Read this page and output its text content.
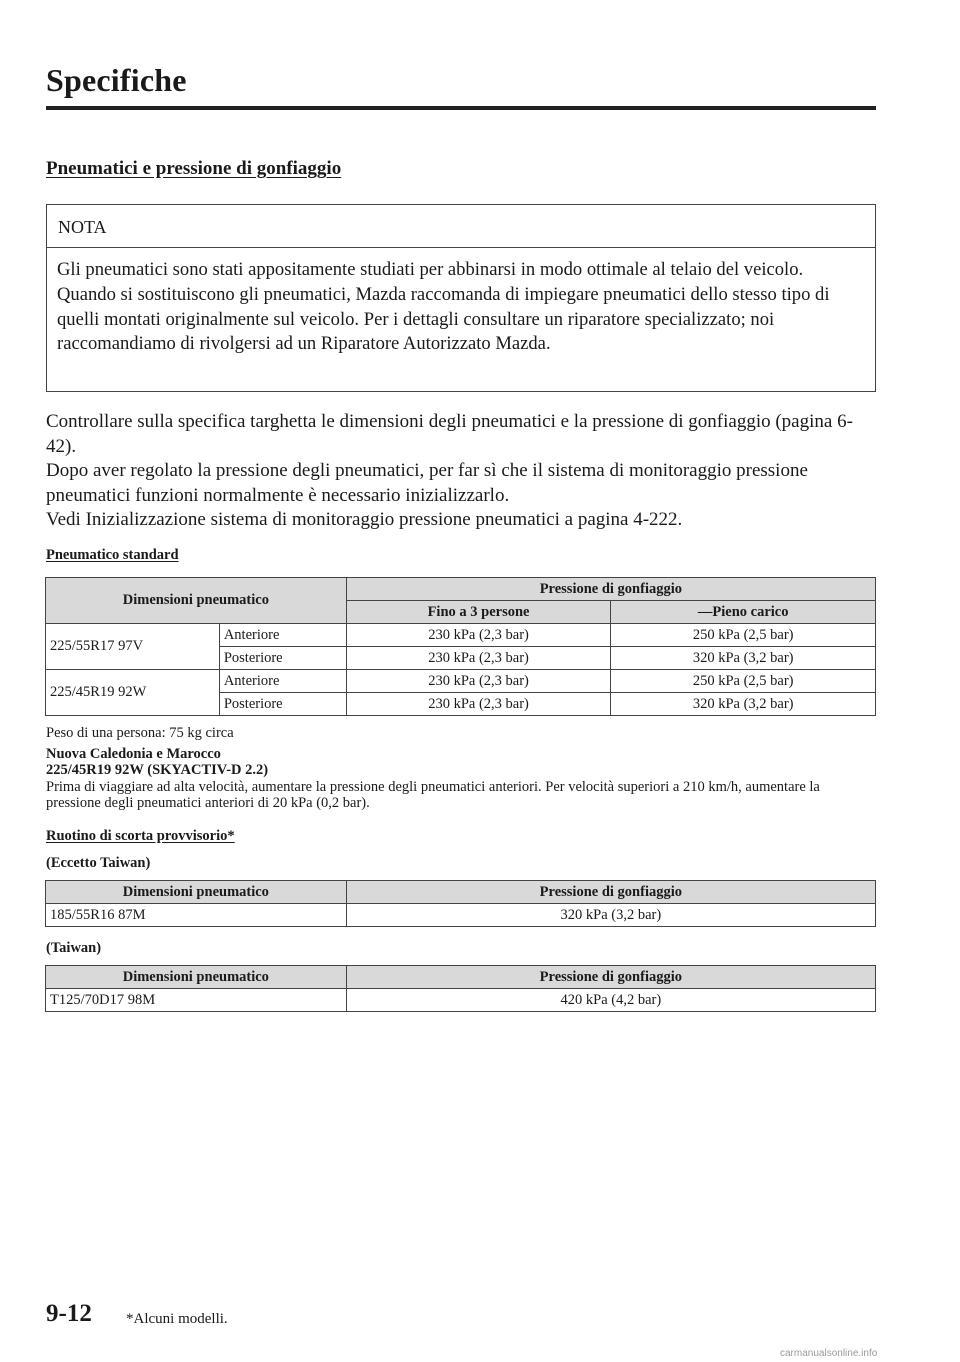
Specifiche
Pneumatici e pressione di gonfiaggio
NOTA

Gli pneumatici sono stati appositamente studiati per abbinarsi in modo ottimale al telaio del veicolo.

Quando si sostituiscono gli pneumatici, Mazda raccomanda di impiegare pneumatici dello stesso tipo di quelli montati originalmente sul veicolo. Per i dettagli consultare un riparatore specializzato; noi raccomandiamo di rivolgersi ad un Riparatore Autorizzato Mazda.

Controllare sulla specifica targhetta le dimensioni degli pneumatici e la pressione di gonfiaggio (pagina 6-42).

Dopo aver regolato la pressione degli pneumatici, per far sì che il sistema di monitoraggio pressione pneumatici funzioni normalmente è necessario inizializzarlo.

Vedi Inizializzazione sistema di monitoraggio pressione pneumatici a pagina 4-222.

Pneumatico standard
Dimensioni pneumatico		Pressione di gonfiaggio	
		Fino a 3 persone	—Pieno carico
225/55R17 97V	Anteriore	230 kPa (2,3 bar)	250 kPa (2,5 bar)
	Posteriore	230 kPa (2,3 bar)	320 kPa (3,2 bar)
225/45R19 92W	Anteriore	230 kPa (2,3 bar)	250 kPa (2,5 bar)
	Posteriore	230 kPa (2,3 bar)	320 kPa (3,2 bar)

Peso di una persona: 75 kg circa

Nuova Caledonia e Marocco

225/45R19 92W (SKYACTIV-D 2.2)

Prima di viaggiare ad alta velocità, aumentare la pressione degli pneumatici anteriori. Per velocità superiori a 210 km/h, aumentare la pressione degli pneumatici anteriori di 20 kPa (0,2 bar).

Ruotino di scorta provvisorio*

(Eccetto Taiwan)

Dimensioni pneumatico	Pressione di gonfiaggio
185/55R16 87M	320 kPa (3,2 bar)

(Taiwan)

Dimensioni pneumatico	Pressione di gonfiaggio
T125/70D17 98M	420 kPa (4,2 bar)
9-12 *Alcuni modelli.
carmanualsonline.info
